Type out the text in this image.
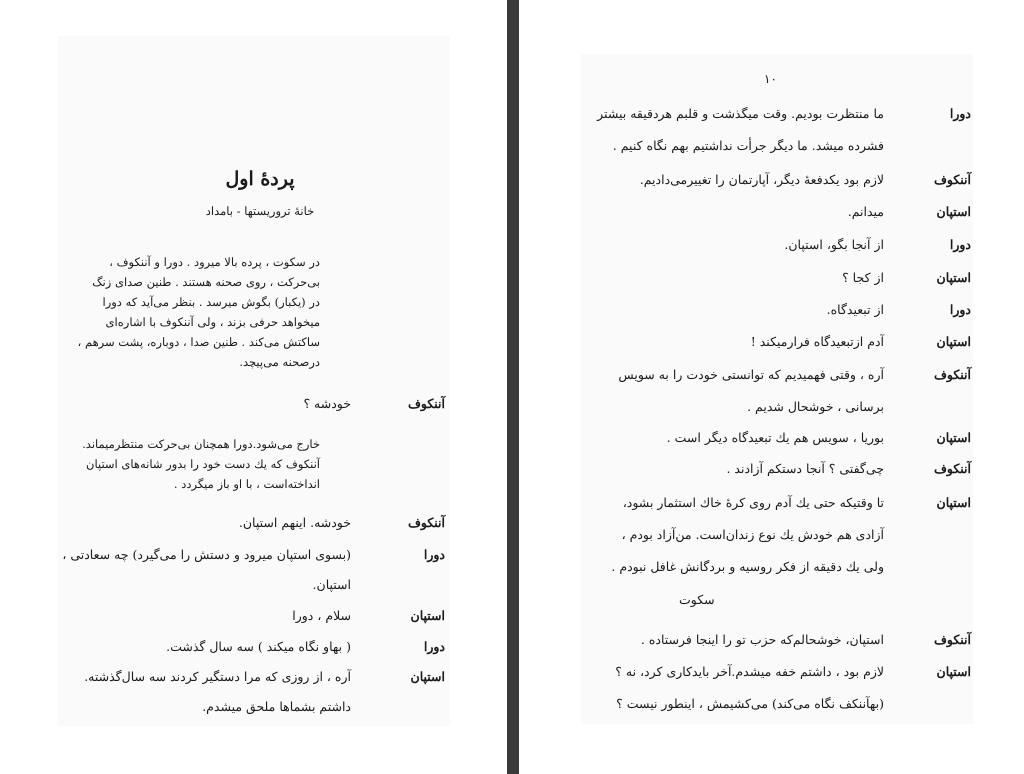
پردهٔ اول
خانهٔ تروریستها - بامداد
در سکوت ، پرده بالا میرود . دورا و آننکوف ،
بی‌حرکت ، روی صحنه هستند . طنین صدای زنگ
در (یکبار) بگوش میرسد . بنظر می‌آید که دورا
میخواهد حرفی بزند ، ولی آننکوف با اشاره‌ای
ساکتش می‌کند . طنین صدا ، دوباره، پشت سرهم ،
درصحنه می‌پیچد.
آننکوف
خودشه ؟
خارج می‌شود.دورا همچنان بی‌حرکت منتظرمیماند.
آننکوف که یك دست خود را بدور شانه‌های استپان
انداخته‌است ، با او باز میگردد .
آننکوف
خودشه. اینهم استپان.
دورا
(بسوی استپان میرود و دستش را می‌گیرد) چه سعادتی ،
استپان.
استپان
سلام ، دورا
دورا
( بهاو نگاه میکند ) سه سال گذشت.
استپان
آره ، از روزی که مرا دستگیر کردند سه سال‌گذشته.
داشتم بشماها ملحق میشدم.
۱۰
دورا
ما منتظرت بودیم. وقت میگذشت و قلبم هردقیقه بیشتر
فشرده میشد. ما دیگر جرأت نداشتیم بهم نگاه کنیم .
آننکوف
لازم بود یکدفعهٔ دیگر، آپارتمان را تغییرمی‌دادیم.
استپان
میدانم.
دورا
از آنجا بگو، استپان.
استپان
از کجا ؟
دورا
از تبعیدگاه.
استپان
آدم ازتبعیدگاه فرارمیکند !
آننکوف
آره ، وقتی فهمیدیم که توانستی خودت را به سویس
برسانی ، خوشحال شدیم .
استپان
بوریا ، سویس هم یك تبعیدگاه دیگر است .
آننکوف
چی‌گفتی ؟ آنجا دستکم آزادند .
استپان
تا وقتیکه حتی یك آدم روی کرهٔ خاك استثمار بشود،
آزادی هم خودش یك نوع زندان‌است. من‌آزاد بودم ،
ولی یك دقیقه از فکر روسیه و بردگانش غافل نبودم .
سکوت
آننکوف
استپان، خوشحالم‌که حزب تو را اینجا فرستاده .
استپان
لازم بود ، داشتم خفه میشدم.آخر بایدکاری کرد، نه ؟
(بهآننکف نگاه می‌کند) می‌کشیمش ، اینطور نیست ؟
